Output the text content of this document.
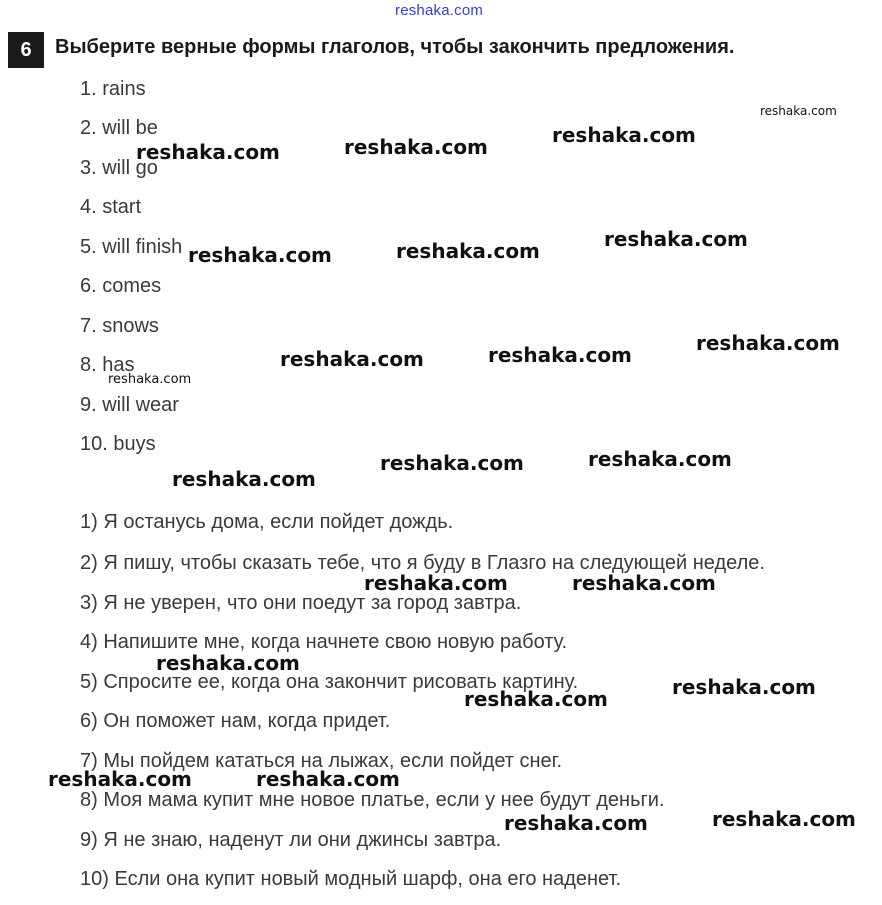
reshaka.com
6	Выберите верные формы глаголов, чтобы закончить предложения.
1. rains
2. will be
3. will go
4. start
5. will finish
6. comes
7. snows
8. has
9. will wear
10. buys
1) Я останусь дома, если пойдет дождь.
2) Я пишу, чтобы сказать тебе, что я буду в Глазго на следующей неделе.
3) Я не уверен, что они поедут за город завтра.
4) Напишите мне, когда начнете свою новую работу.
5) Спросите ее, когда она закончит рисовать картину.
6) Он поможет нам, когда придет.
7) Мы пойдем кататься на лыжах, если пойдет снег.
8) Моя мама купит мне новое платье, если у нее будут деньги.
9) Я не знаю, наденут ли они джинсы завтра.
10) Если она купит новый модный шарф, она его наденет.
reshaka.com
reshaka.com
reshaka.com
reshaka.com
reshaka.com
reshaka.com
reshaka.com
reshaka.com
reshaka.com
reshaka.com
reshaka.com
reshaka.com
reshaka.com
reshaka.com
reshaka.com	reshaka.com
reshaka.com
reshaka.com
reshaka.com
reshaka.com	reshaka.com
reshaka.com
reshaka.com
